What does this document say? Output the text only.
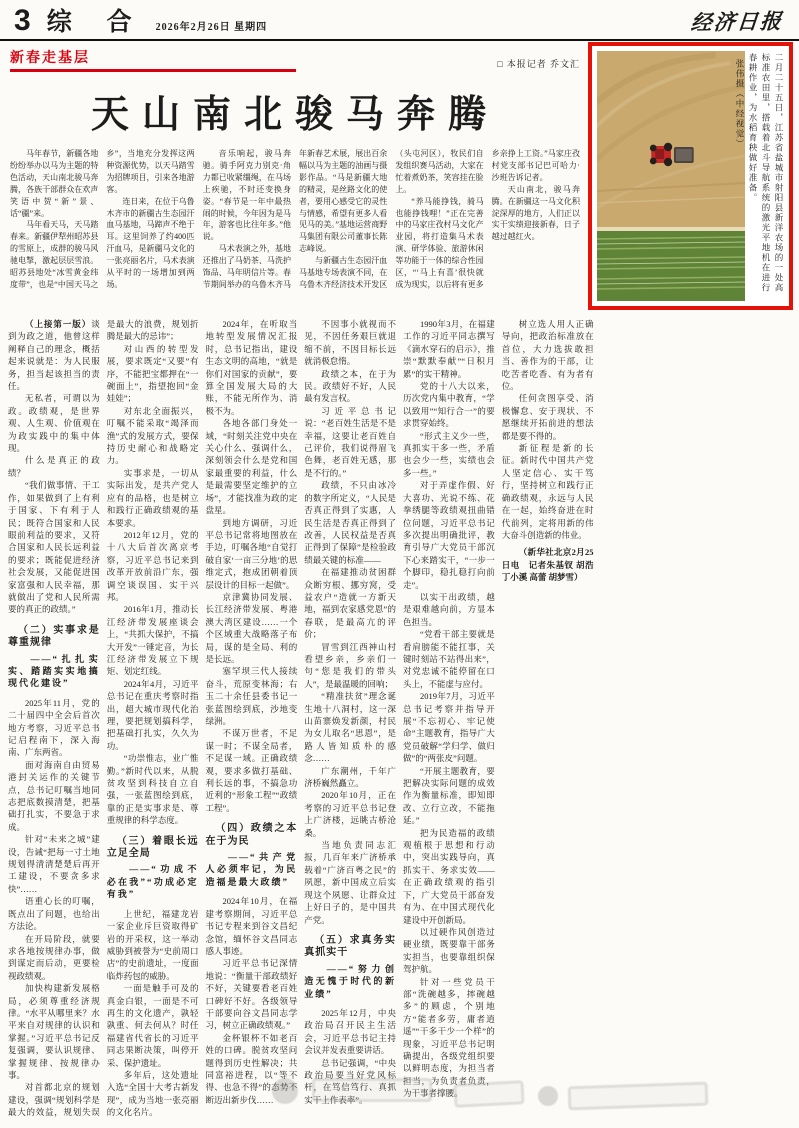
3 综 合 2026年2月26日 星期四	经济日报
新春走基层	□ 本报记者 乔文汇
天山南北骏马奔腾

马年春节，新疆各地纷纷举办以马为主题的特色活动，天山南北骏马奔腾，各族干部群众在欢声笑语中贺“新”景、话“疆”来。

马年看天马，天马踏春来。新疆伊犁州昭苏县的雪原上，成群的骏马风驰电掣，激起层层雪浪。昭苏县地处“冰雪黄金纬度带”，也是“中国天马之乡”，当地充分发挥这两种资源优势，以天马踏雪为招牌项目，引来各地游客。

连日来，在位于乌鲁木齐市的新疆古生态园汗血马基地，马蹄声不绝于耳。这里饲养了约400匹汗血马，是新疆马文化的一张亮丽名片，马术表演从平时的一场增加到两场。

音乐响起，骏马奔驰。骑手阿克力别克·角力都已收紧缰绳，在马场上疾驰，不时还变换身姿。“春节是一年中最热闹的时候，今年因为是马年，游客也比往年多。”他说。

马术表演之外，基地还推出了马奶茶、马洗护饰品、马年明信片等。春节期间举办的乌鲁木齐马年新春艺术展，展出百余幅以马为主题的油画与摄影作品。“马是新疆大地的精灵，是丝路文化的使者，要用心感受它的灵性与情感，希望有更多人看见马的美。”基地运营商野马集团有限公司董事长陈志峰说。

与新疆古生态园汗血马基地专场表演不同，在乌鲁木齐经济技术开发区（头屯河区），牧民们自发组织赛马活动，大家在忙着煮奶茶，笑容挂在脸上。

“养马能挣钱，骑马也能挣钱哩！”正在完善中的马家庄孜村马文化产业园，将打造集马术表演、研学体验、旅游休闲等功能于一体的综合性园区，“‘马上有喜’很快就成为现实，以后将有更多乡亲挣上工资。”马家庄孜村党支部书记巴可哈力·沙班告诉记者。

天山南北，骏马奔腾。在新疆这一马文化积淀深厚的地方，人们正以实干实绩迎接新春，日子越过越红火。	二月二十五日，江苏省盐城市射阳县新洋农场的一处高标准农田里，搭载着北斗导航系统的激光平地机在进行春耕作业，为水稻育秧做好准备。 张伟摄（中经视觉）

（上接第一版）谈到为政之道，他曾这样阐释自己的理念，概括起来说就是：为人民服务，担当起该担当的责任。

无私者，可谓以为政。政绩观，是世界观、人生观、价值观在为政实践中的集中体现。

什么是真正的政绩？

“我们做事情、干工作，如果做到了上有利于国家、下有利于人民；既符合国家和人民眼前利益的要求，又符合国家和人民长远利益的要求；既能促进经济社会发展，又能促进国家富强和人民幸福，那就做出了党和人民所需要的真正的政绩。”

（二）实事求是 尊重规律

——“扎扎实实、踏踏实实地搞现代化建设”

2025年11月，党的二十届四中全会后首次地方考察，习近平总书记启程南下，深入海南、广东两省。

面对海南自由贸易港封关运作的关键节点，总书记叮嘱当地同志把底数摸清楚，把基础打扎实，不要急于求成。

针对“未来之城”建设，告诫“把每一寸土地规划得清清楚楚后再开工建设，不要贪多求快”……

语重心长的叮嘱，既点出了问题，也给出方法论。

在开局阶段，就要求各地按规律办事，做到谋定而后动，更要检视政绩观。

加快构建新发展格局，必须尊重经济规律。“水平从哪里来？水平来自对规律的认识和掌握。”习近平总书记反复强调，要认识规律、掌握规律、按规律办事。

对首都北京的规划建设，强调“规划科学是最大的效益，规划失误是最大的浪费，规划折腾是最大的忌讳”；

对山西的转型发展，要求既定“又要”有序，不能把宝都押在“一碗面上”，指望抱回“金娃娃”；

对东北全面振兴，叮嘱不能采取“竭泽而渔”式的发展方式，要保持历史耐心和战略定力。

实事求是，一切从实际出发，是共产党人应有的品格，也是树立和践行正确政绩观的基本要求。

2012年12月，党的十八大后首次离京考察，习近平总书记来到改革开放前沿广东，强调空谈误国、实干兴邦。

2016年1月，推动长江经济带发展座谈会上，“共抓大保护，不搞大开发”一锤定音，为长江经济带发展立下规矩、划定红线。

2024年4月，习近平总书记在重庆考察时指出，超大城市现代化治理，要把规划搞科学，把基础打扎实，久久为功。

“功崇惟志，业广惟勤。”新时代以来，从脱贫攻坚到科技自立自强，一张蓝图绘到底，靠的正是实事求是、尊重规律的科学态度。

（三）着眼长远 立足全局

——“功成不必在我”“功成必定有我”

上世纪，福建龙岩一家企业斥巨资取得矿岩的开采权，这一举动威胁到被誉为“史前周口店”的史前遗址，一度面临炸药包的威胁。

一面是触手可及的真金白银，一面是不可再生的文化遗产，孰轻孰重、何去何从？时任福建省代省长的习近平同志果断决策，叫停开采、保护遗址。

多年后，这处遗址入选“全国十大考古新发现”，成为当地一张亮丽的文化名片。

2024年，在听取当地转型发展情况汇报时，总书记指出，建设生态文明的高地，“就是你们对国家的贡献”，要算全国发展大局的大账，不能无所作为、消极不为。

各地各部门身处一域，“时刻关注党中央在关心什么、强调什么，深刻领会什么是党和国家最重要的利益，什么是最需要坚定维护的立场”，才能找准为政的定盘星。

到地方调研，习近平总书记常将地图放在手边，叮嘱各地“自觉打破自家‘一亩三分地’的思维定式，抱成团朝着顶层设计的目标一起做”。

京津冀协同发展、长江经济带发展、粤港澳大湾区建设……一个个区域重大战略落子布局，谋的是全局、利的是长远。

塞罕坝三代人接续奋斗，荒原变林海；右玉二十余任县委书记一张蓝图绘到底，沙地变绿洲。

不谋万世者，不足谋一时；不谋全局者，不足谋一域。正确政绩观，要求多做打基础、利长远的事，不搞急功近利的“形象工程”“政绩工程”。

（四）政绩之本 在于为民

——“共产党人必须牢记，为民造福是最大政绩”

2024年10月，在福建考察期间，习近平总书记专程来到谷文昌纪念馆，缅怀谷文昌同志感人事迹。

习近平总书记深情地说：“衡量干部政绩好不好，关键要看老百姓口碑好不好。各级领导干部要向谷文昌同志学习，树立正确政绩观。”

金杯银杯不如老百姓的口碑。脱贫攻坚问题得到历史性解决；共同富裕进程，以“等不得、也急不得”的态势不断迈出新步伐……

不因事小就视而不见，不因任务艰巨就退缩不前，不因目标长远就消极怠惰。

政绩之本，在于为民。政绩好不好，人民最有发言权。

习近平总书记说：“老百姓生活是不是幸福，这要让老百姓自己评价，我们说得眉飞色舞，老百姓无感，那是不行的。”

政绩，不只由冰冷的数字所定义，“人民是否真正得到了实惠，人民生活是否真正得到了改善，人民权益是否真正得到了保障”是检验政绩最关键的标准——

在福建推动贫困群众断穷根、挪穷窝，受益农户“造就一方新天地，福到农家感党恩”的春联，是最高亢的评价；

冒雪到江西神山村看望乡亲，乡亲们一句“您是我们的带头人”，是最温暖的回响；

“精准扶贫”理念诞生地十八洞村，这一深山苗寨焕发新颜，村民为女儿取名“思恩”，是路人皆知质朴的感念……

广东潮州，千年广济桥巍然矗立。

2020年10月，正在考察的习近平总书记登上广济楼，远眺古桥沧桑。

当地负责同志汇报，几百年来广济桥承载着“广济百粤之民”的夙愿，新中国成立后实现这个夙愿、让群众过上好日子的，是中国共产党。

（五）求真务实 真抓实干

——“努力创造无愧于时代的新业绩”

2025年12月，中央政治局召开民主生活会，习近平总书记主持会议并发表重要讲话。

总书记强调，“中央政治局要当好党风标杆，在笃信笃行、真抓实干上作表率”。

1990年3月，在福建工作的习近平同志撰写《滴水穿石的启示》，推崇“默默奉献”“日积月累”的实干精神。

党的十八大以来，历次党内集中教育，“学以致用”“知行合一”的要求贯穿始终。

“形式主义少一些，真抓实干多一些，矛盾也会少一些，实绩也会多一些。”

对于弄虚作假、好大喜功、光说不练、花拳绣腿等政绩观扭曲错位问题，习近平总书记多次提出明确批评，教育引导广大党员干部沉下心来踏实干，“一步一个脚印，稳扎稳打向前走”。

以实干出政绩，越是艰难越向前，方显本色担当。

“党看干部主要就是看肩膀能不能扛事，关键时刻站不站得出来”，对党忠诚不能停留在口头上，不能虚与应付。

2019年7月，习近平总书记考察并指导开展“不忘初心、牢记使命”主题教育，指导广大党员破解“学归学、做归做”的“两张皮”问题。

“开展主题教育，要把解决实际问题的成效作为衡量标准，即知即改、立行立改，不能拖延。”

把为民造福的政绩观植根于思想和行动中，突出实践导向，真抓实干、务求实效——在正确政绩观的指引下，广大党员干部奋发有为、在中国式现代化建设中开创新局。

以过硬作风创造过硬业绩，既要靠干部务实担当，也要靠组织保驾护航。

针对一些党员干部“洗碗越多，摔碗越多”的顾虑，个别地方“能者多劳，庸者逍遥”“干多干少一个样”的现象，习近平总书记明确提出，各级党组织要以鲜明态度，为担当者担当，为负责者负责，为干事者撑腰。

树立选人用人正确导向，把政治标准放在首位，大力选拔敢担当、善作为的干部，让吃苦者吃香、有为者有位。

任何贪图享受、消极懈怠、安于现状、不愿继续开拓前进的想法都是要不得的。

新征程是新的长征。新时代中国共产党人坚定信心、实干笃行，坚持树立和践行正确政绩观，永远与人民在一起，始终奋进在时代前列，定将用新的伟大奋斗创造新的伟业。

（新华社北京2月25日电　记者朱基钗 胡浩 丁小溪 高蕾 胡梦雪）
